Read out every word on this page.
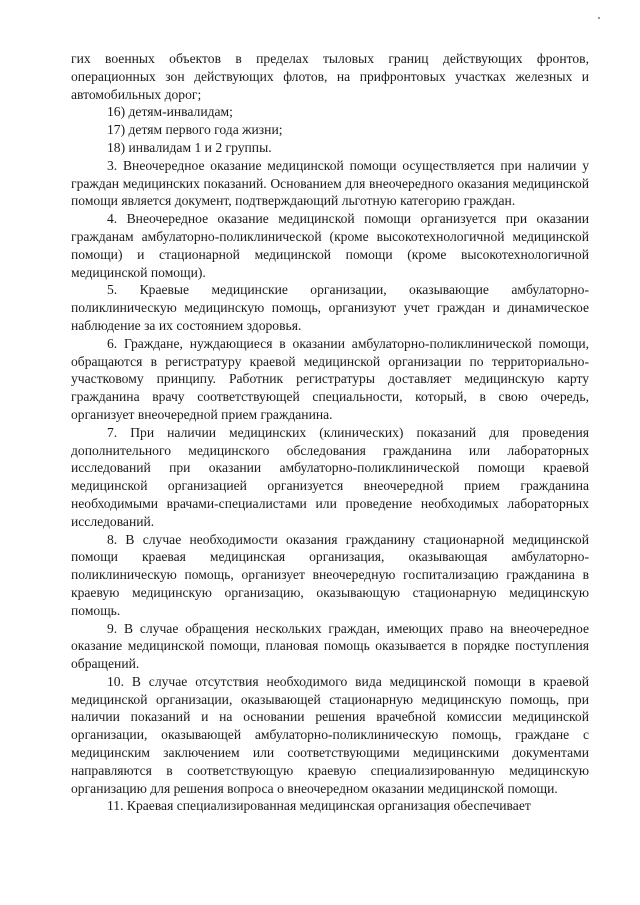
гих военных объектов в пределах тыловых границ действующих фронтов, операционных зон действующих флотов, на прифронтовых участках железных и автомобильных дорог;

16) детям-инвалидам;

17) детям первого года жизни;

18) инвалидам 1 и 2 группы.

3. Внеочередное оказание медицинской помощи осуществляется при наличии у граждан медицинских показаний. Основанием для внеочередного оказания медицинской помощи является документ, подтверждающий льготную категорию граждан.

4. Внеочередное оказание медицинской помощи организуется при оказании гражданам амбулаторно-поликлинической (кроме высокотехнологичной медицинской помощи) и стационарной медицинской помощи (кроме высокотехнологичной медицинской помощи).

5. Краевые медицинские организации, оказывающие амбулаторно-поликлиническую медицинскую помощь, организуют учет граждан и динамическое наблюдение за их состоянием здоровья.

6. Граждане, нуждающиеся в оказании амбулаторно-поликлинической помощи, обращаются в регистратуру краевой медицинской организации по территориально-участковому принципу. Работник регистратуры доставляет медицинскую карту гражданина врачу соответствующей специальности, который, в свою очередь, организует внеочередной прием гражданина.

7. При наличии медицинских (клинических) показаний для проведения дополнительного медицинского обследования гражданина или лабораторных исследований при оказании амбулаторно-поликлинической помощи краевой медицинской организацией организуется внеочередной прием гражданина необходимыми врачами-специалистами или проведение необходимых лабораторных исследований.

8. В случае необходимости оказания гражданину стационарной медицинской помощи краевая медицинская организация, оказывающая амбулаторно-поликлиническую помощь, организует внеочередную госпитализацию гражданина в краевую медицинскую организацию, оказывающую стационарную медицинскую помощь.

9. В случае обращения нескольких граждан, имеющих право на внеочередное оказание медицинской помощи, плановая помощь оказывается в порядке поступления обращений.

10. В случае отсутствия необходимого вида медицинской помощи в краевой медицинской организации, оказывающей стационарную медицинскую помощь, при наличии показаний и на основании решения врачебной комиссии медицинской организации, оказывающей амбулаторно-поликлиническую помощь, граждане с медицинским заключением или соответствующими медицинскими документами направляются в соответствующую краевую специализированную медицинскую организацию для решения вопроса о внеочередном оказании медицинской помощи.

11. Краевая специализированная медицинская организация обеспечивает
